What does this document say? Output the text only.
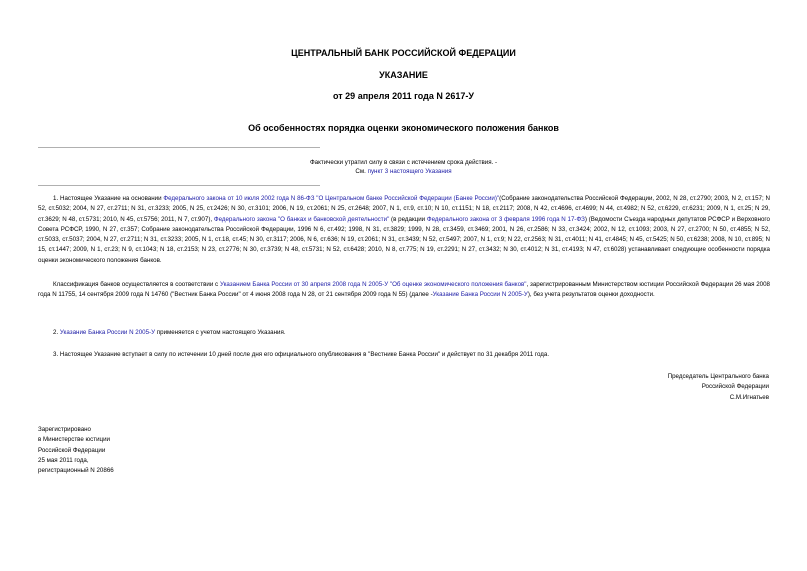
ЦЕНТРАЛЬНЫЙ БАНК РОССИЙСКОЙ ФЕДЕРАЦИИ
УКАЗАНИЕ
от 29 апреля 2011 года N 2617-У
Об особенностях порядка оценки экономического положения банков
Фактически утратил силу в связи с истечением срока действия. -
См. пункт 3 настоящего Указания
1. Настоящее Указание на основании Федерального закона от 10 июля 2002 года N 86-ФЗ "О Центральном банке Российской Федерации (Банке России)"(Собрание законодательства Российской Федерации, 2002, N 28, ст.2790; 2003, N 2, ст.157; N 52, ст.5032; 2004, N 27, ст.2711; N 31, ст.3233; 2005, N 25, ст.2426; N 30, ст.3101; 2006, N 19, ст.2061; N 25, ст.2648; 2007, N 1, ст.9, ст.10; N 10, ст.1151; N 18, ст.2117; 2008, N 42, ст.4696, ст.4699; N 44, ст.4982; N 52, ст.6229, ст.6231; 2009, N 1, ст.25; N 29, ст.3629; N 48, ст.5731; 2010, N 45, ст.5756; 2011, N 7, ст.907), Федерального закона "О банках и банковской деятельности" (в редакции Федерального закона от 3 февраля 1996 года N 17-ФЗ) (Ведомости Съезда народных депутатов РСФСР и Верховного Совета РСФСР, 1990, N 27, ст.357; Собрание законодательства Российской Федерации, 1996 N 6, ст.492; 1998, N 31, ст.3829; 1999, N 28, ст.3459, ст.3469; 2001, N 26, ст.2586; N 33, ст.3424; 2002, N 12, ст.1093; 2003, N 27, ст.2700; N 50, ст.4855; N 52, ст.5033, ст.5037; 2004, N 27, ст.2711; N 31, ст.3233; 2005, N 1, ст.18, ст.45; N 30, ст.3117; 2006, N 6, ст.636; N 19, ст.2061; N 31, ст.3439; N 52, ст.5497; 2007, N 1, ст.9; N 22, ст.2563; N 31, ст.4011; N 41, ст.4845; N 45, ст.5425; N 50, ст.6238; 2008, N 10, ст.895; N 15, ст.1447; 2009, N 1, ст.23; N 9, ст.1043; N 18, ст.2153; N 23, ст.2776; N 30, ст.3739; N 48, ст.5731; N 52, ст.6428; 2010, N 8, ст.775; N 19, ст.2291; N 27, ст.3432; N 30, ст.4012; N 31, ст.4193; N 47, ст.6028) устанавливает следующие особенности порядка оценки экономического положения банков.
Классификация банков осуществляется в соответствии с Указанием Банка России от 30 апреля 2008 года N 2005-У "Об оценке экономического положения банков", зарегистрированным Министерством юстиции Российской Федерации 26 мая 2008 года N 11755, 14 сентября 2009 года N 14760 ("Вестник Банка России" от 4 июня 2008 года N 28, от 21 сентября 2009 года N 55) (далее -Указание Банка России N 2005-У), без учета результатов оценки доходности.
2. Указание Банка России N 2005-У применяется с учетом настоящего Указания.
3. Настоящее Указание вступает в силу по истечении 10 дней после дня его официального опубликования в "Вестнике Банка России" и действует по 31 декабря 2011 года.
Председатель Центрального банка
Российской Федерации
С.М.Игнатьев
Зарегистрировано
в Министерстве юстиции
Российской Федерации
25 мая 2011 года,
регистрационный N 20866
